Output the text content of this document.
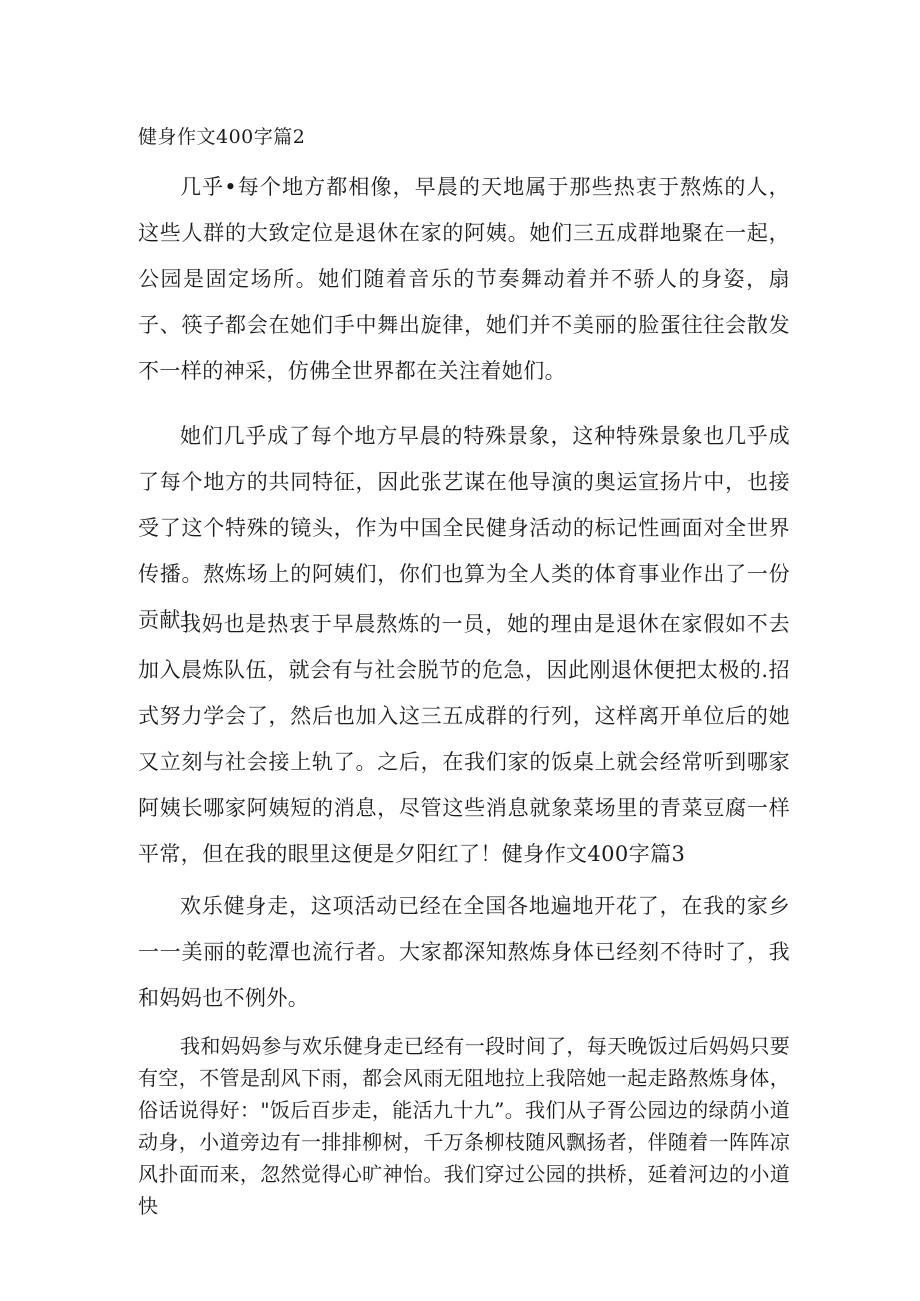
健身作文400字篇2

几乎•每个地方都相像，早晨的天地属于那些热衷于熬炼的人，这些人群的大致定位是退休在家的阿姨。她们三五成群地聚在一起，公园是固定场所。她们随着音乐的节奏舞动着并不骄人的身姿，扇子、筷子都会在她们手中舞出旋律，她们并不美丽的脸蛋往往会散发不一样的神采，仿佛全世界都在关注着她们。

她们几乎成了每个地方早晨的特殊景象，这种特殊景象也几乎成了每个地方的共同特征，因此张艺谋在他导演的奥运宣扬片中，也接受了这个特殊的镜头，作为中国全民健身活动的标记性画面对全世界传播。熬炼场上的阿姨们，你们也算为全人类的体育事业作出了一份贡献！

我妈也是热衷于早晨熬炼的一员，她的理由是退休在家假如不去加入晨炼队伍，就会有与社会脱节的危急，因此刚退休便把太极的.招式努力学会了，然后也加入这三五成群的行列，这样离开单位后的她又立刻与社会接上轨了。之后，在我们家的饭桌上就会经常听到哪家阿姨长哪家阿姨短的消息，尽管这些消息就象菜场里的青菜豆腐一样平常，但在我的眼里这便是夕阳红了！健身作文400字篇3

欢乐健身走，这项活动已经在全国各地遍地开花了，在我的家乡一一美丽的乾潭也流行者。大家都深知熬炼身体已经刻不待时了，我和妈妈也不例外。

我和妈妈参与欢乐健身走已经有一段时间了，每天晚饭过后妈妈只要有空，不管是刮风下雨，都会风雨无阻地拉上我陪她一起走路熬炼身体，俗话说得好："饭后百步走，能活九十九”。我们从子胥公园边的绿荫小道动身，小道旁边有一排排柳树，千万条柳枝随风飘扬者，伴随着一阵阵凉风扑面而来，忽然觉得心旷神怡。我们穿过公园的拱桥，延着河边的小道快
